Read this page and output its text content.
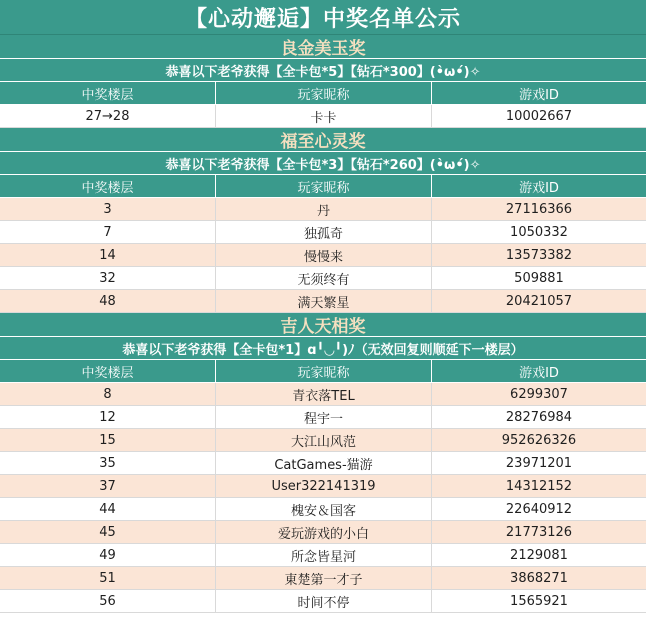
【心动邂逅】中奖名单公示
良金美玉奖
恭喜以下老爷获得【全卡包*5】【钻石*300】(•̀ω•́)✧
中奖楼层	玩家昵称	游戏ID
27→28	卡卡	10002667
福至心灵奖
恭喜以下老爷获得【全卡包*3】【钻石*260】(•̀ω•́)✧
中奖楼层	玩家昵称	游戏ID
3	丹	27116366
7	独孤奇	1050332
14	慢慢来	13573382
32	无须终有	509881
48	满天繁星	20421057
吉人天相奖
恭喜以下老爷获得【全卡包*1】ɑ╹◡╹)ﾉ（无效回复则顺延下一楼层）
中奖楼层	玩家昵称	游戏ID
8	青衣落TEL	6299307
12	程宇一	28276984
15	大江山风范	952626326
35	CatGames-猫游	23971201
37	User322141319	14312152
44	槐安＆国客	22640912
45	爱玩游戏的小白	21773126
49	所念皆星河	2129081
51	東楚第一才子	3868271
56	时间不停	1565921
